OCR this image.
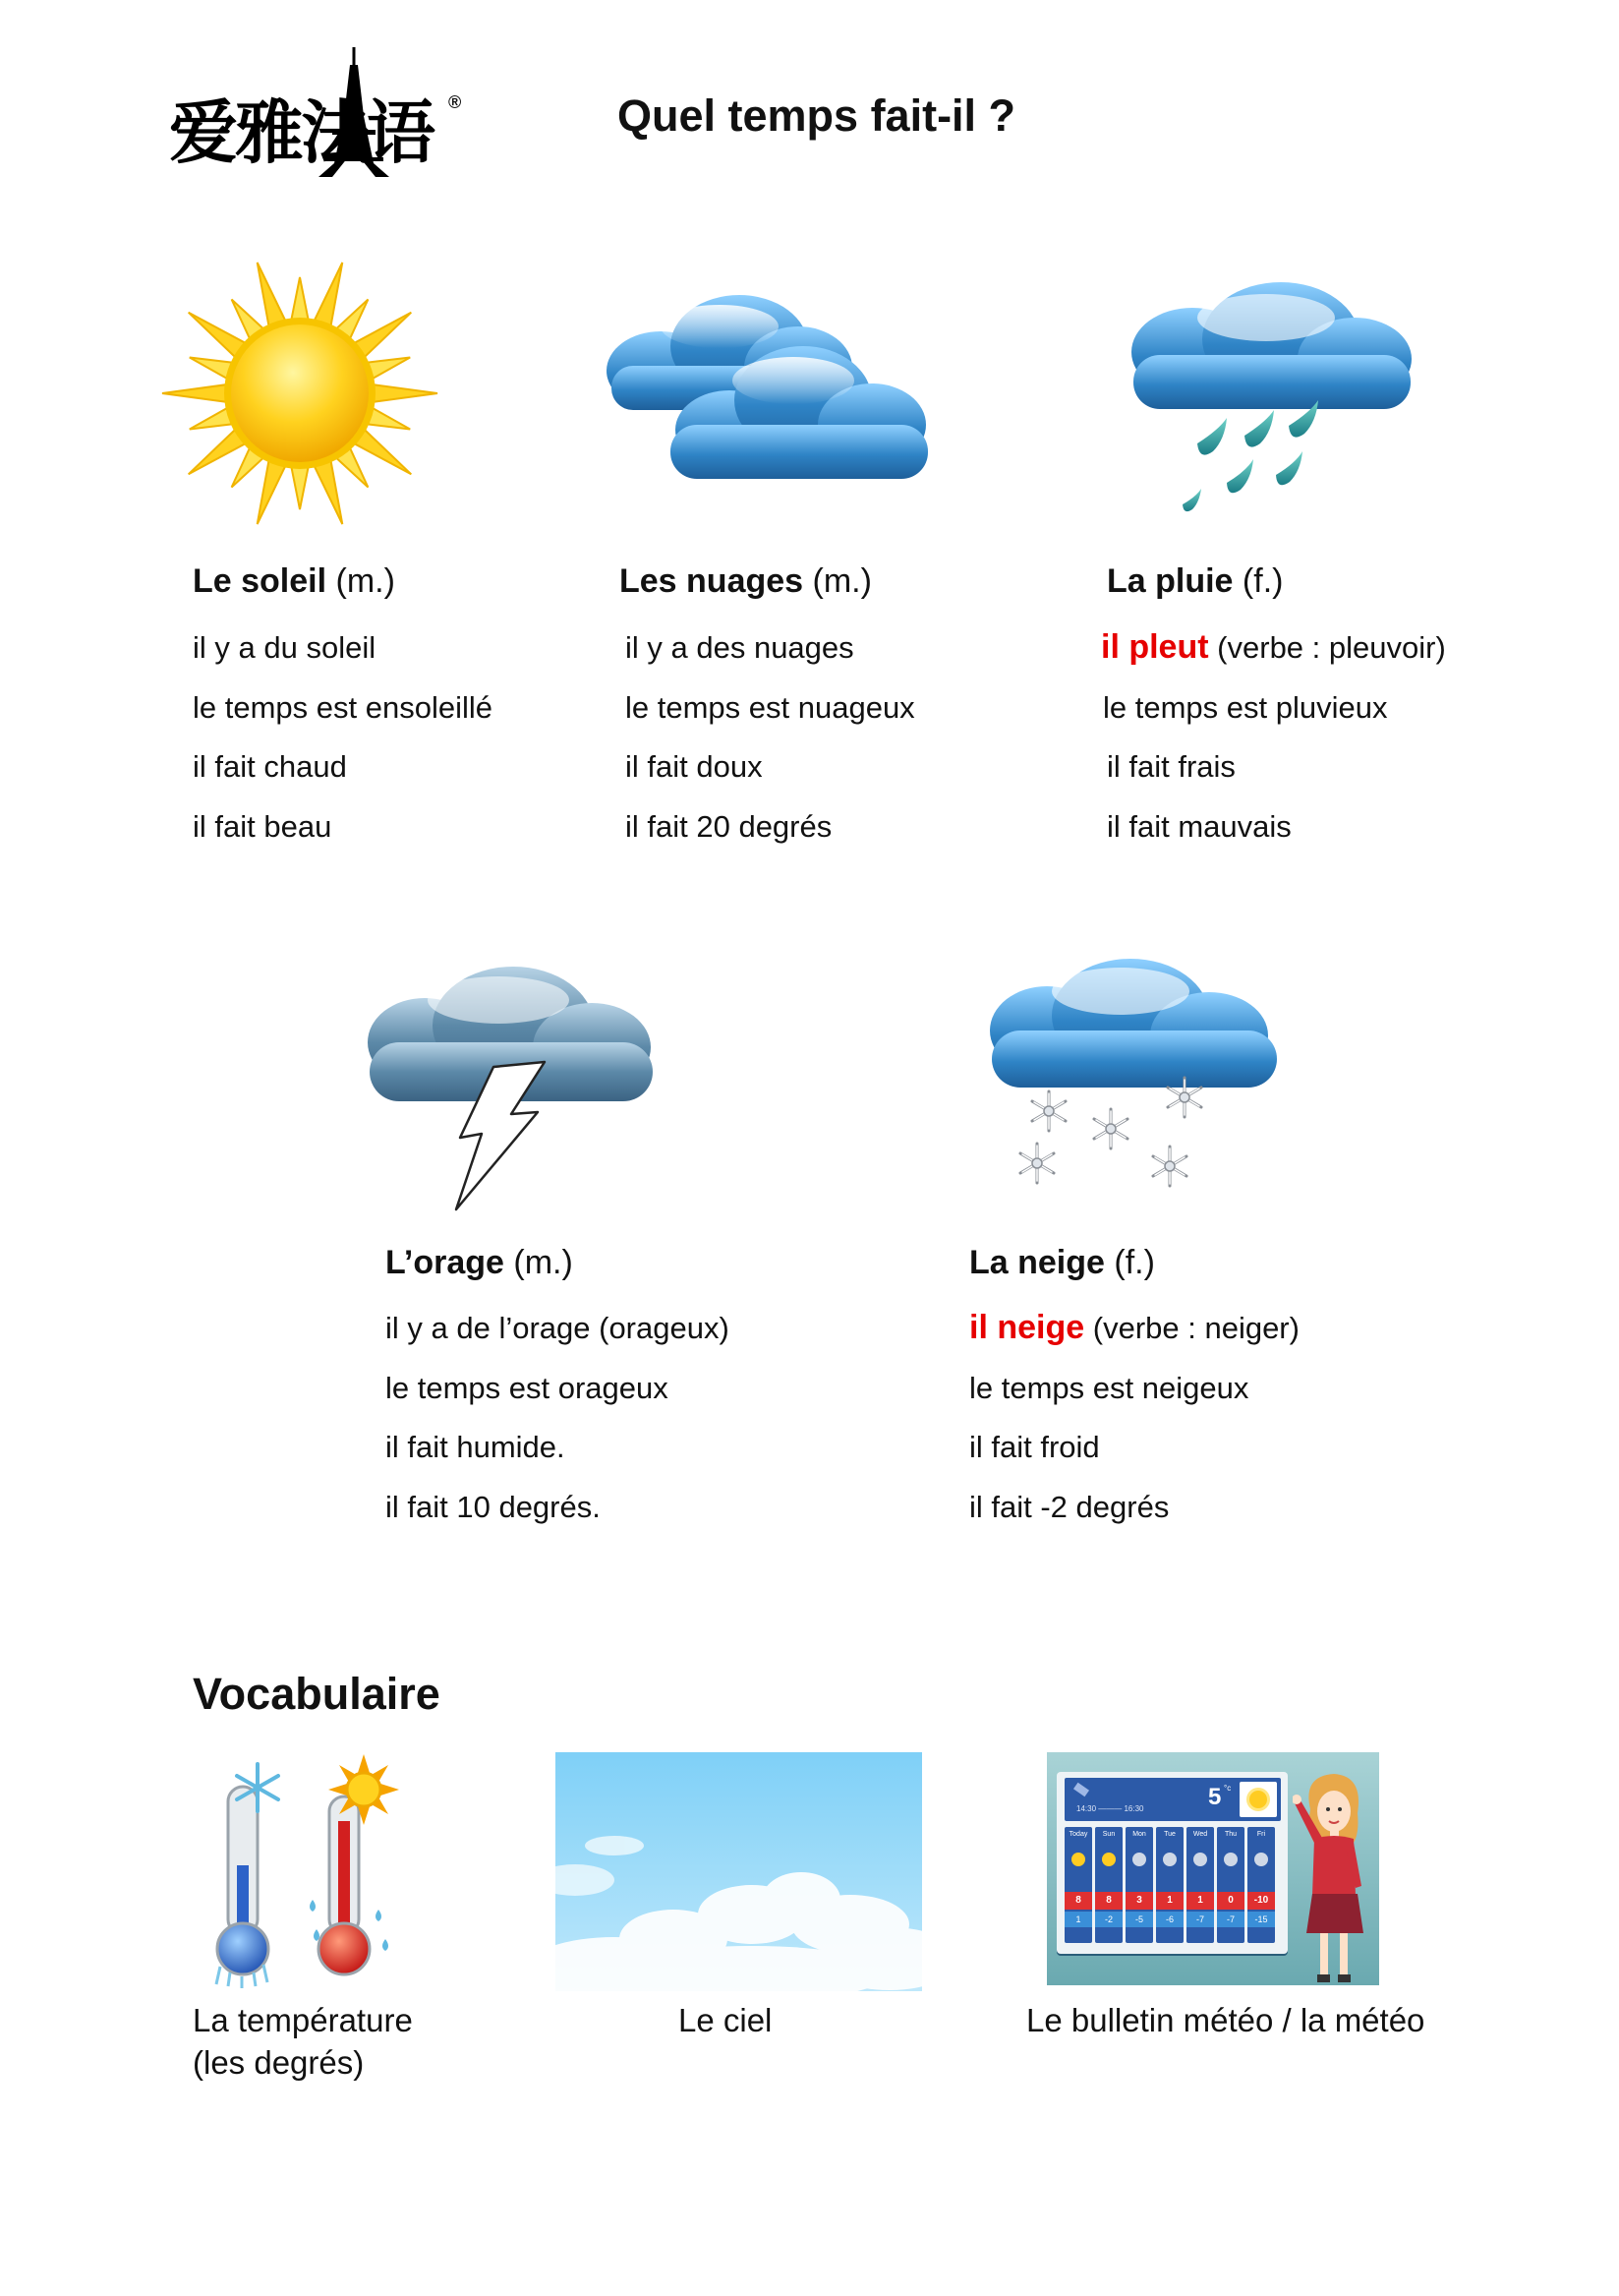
爱雅法语 ®	Quel temps fait-il ?
Le soleil (m.)
il y a du soleil
le temps est ensoleillé
il fait chaud
il fait beau
Les nuages (m.)
il y a des nuages
le temps est nuageux
il fait doux
il fait 20 degrés
La pluie (f.)
il pleut (verbe : pleuvoir)
le temps est pluvieux
il fait frais
il fait mauvais
L’orage (m.)
il y a de l’orage (orageux)
le temps est orageux
il fait humide.
il fait 10 degrés.
La neige (f.)
il neige (verbe : neiger)
le temps est neigeux
il fait froid
il fait -2 degrés
Vocabulaire
14:30 ——— 16:30	5 °c
Today
8
1
Sun
8
-2
Mon
3
-5
Tue
1
-6
Wed
1
-7
Thu
0
-7
Fri
-10
-15
La température
(les degrés)
Le ciel	Le bulletin météo / la météo
